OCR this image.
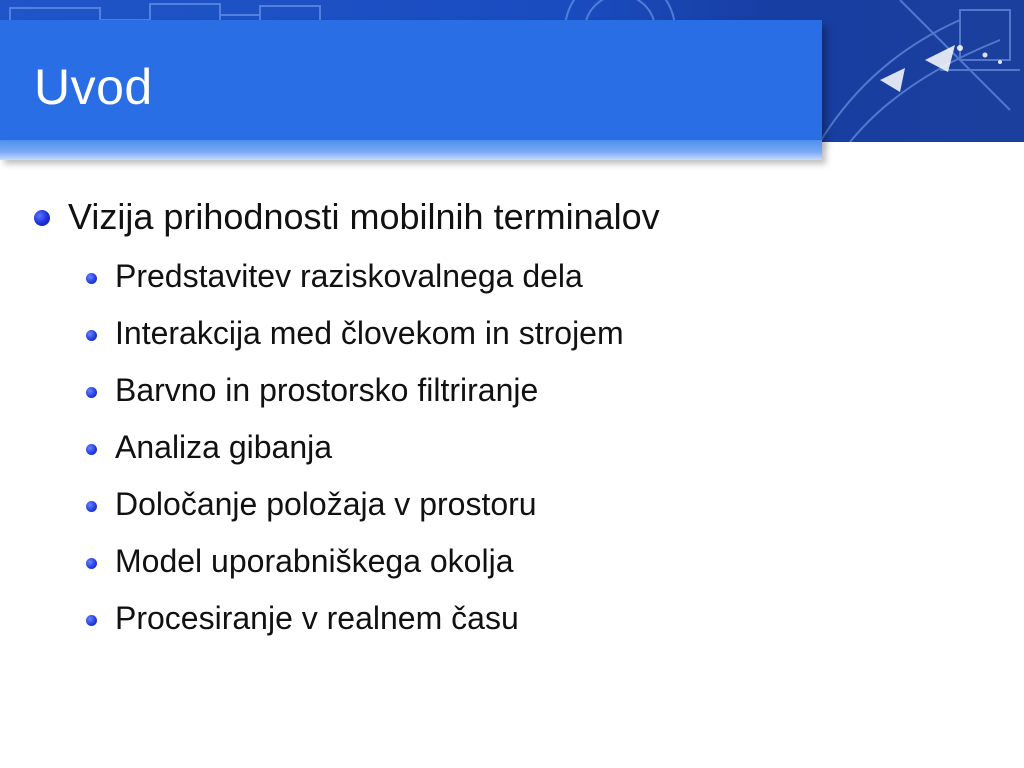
Uvod
Vizija prihodnosti mobilnih terminalov
Predstavitev raziskovalnega dela
Interakcija med človekom in strojem
Barvno in prostorsko filtriranje
Analiza gibanja
Določanje položaja v prostoru
Model uporabniškega okolja
Procesiranje v realnem času
